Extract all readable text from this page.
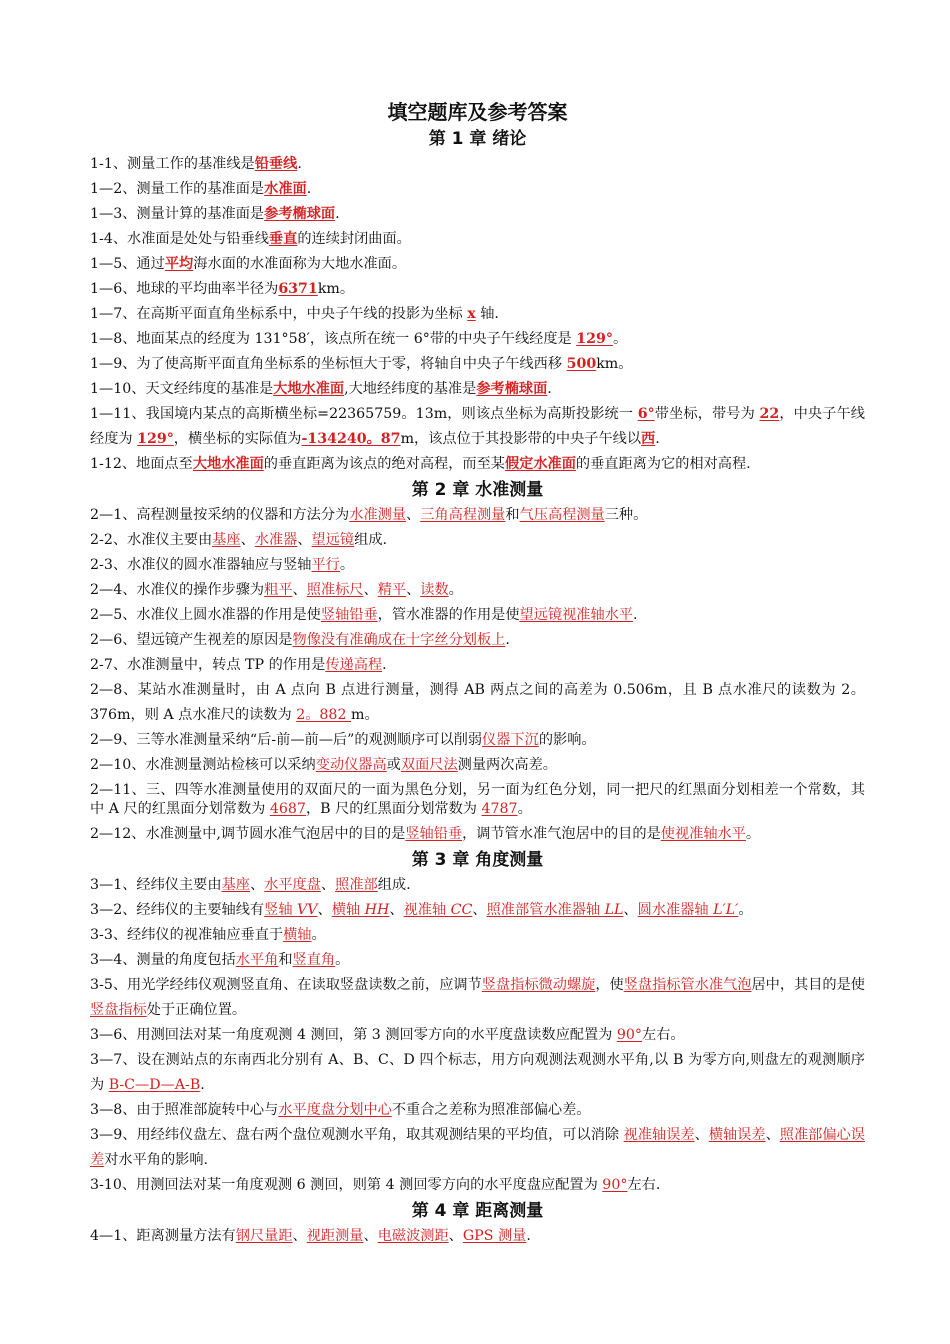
填空题库及参考答案
第 1 章 绪论
1-1、测量工作的基准线是铅垂线.
1—2、测量工作的基准面是水准面.
1—3、测量计算的基准面是参考椭球面.
1-4、水准面是处处与铅垂线垂直的连续封闭曲面。
1—5、通过平均海水面的水准面称为大地水准面。
1—6、地球的平均曲率半径为6371km。
1—7、在高斯平面直角坐标系中，中央子午线的投影为坐标 x 轴.
1—8、地面某点的经度为 131°58′，该点所在统一 6°带的中央子午线经度是 129°。
1—9、为了使高斯平面直角坐标系的坐标恒大于零，将轴自中央子午线西移 500km。
1—10、天文经纬度的基准是大地水准面,大地经纬度的基准是参考椭球面.
1—11、我国境内某点的高斯横坐标=22365759。13m，则该点坐标为高斯投影统一 6°带坐标，带号为 22，中央子午线经度为 129°，横坐标的实际值为-134240。87m，该点位于其投影带的中央子午线以西.
1-12、地面点至大地水准面的垂直距离为该点的绝对高程，而至某假定水准面的垂直距离为它的相对高程.
第 2 章 水准测量
2—1、高程测量按采纳的仪器和方法分为水准测量、三角高程测量和气压高程测量三种。
2-2、水准仪主要由基座、水准器、望远镜组成.
2-3、水准仪的圆水准器轴应与竖轴平行。
2—4、水准仪的操作步骤为粗平、照准标尺、精平、读数。
2—5、水准仪上圆水准器的作用是使竖轴铅垂，管水准器的作用是使望远镜视准轴水平.
2—6、望远镜产生视差的原因是物像没有准确成在十字丝分划板上.
2-7、水准测量中，转点 TP 的作用是传递高程.
2—8、某站水准测量时，由 A 点向 B 点进行测量，测得 AB 两点之间的高差为 0.506m，且 B 点水准尺的读数为 2。376m，则 A 点水准尺的读数为 2。882 m。
2—9、三等水准测量采纳“后-前—前—后”的观测顺序可以削弱仪器下沉的影响。
2—10、水准测量测站检核可以采纳变动仪器高或双面尺法测量两次高差。
2—11、三、四等水准测量使用的双面尺的一面为黑色分划，另一面为红色分划，同一把尺的红黑面分划相差一个常数，其中 A 尺的红黑面分划常数为 4687，B 尺的红黑面分划常数为 4787。
2—12、水准测量中,调节圆水准气泡居中的目的是竖轴铅垂，调节管水准气泡居中的目的是使视准轴水平。
第 3 章 角度测量
3—1、经纬仪主要由基座、水平度盘、照准部组成.
3—2、经纬仪的主要轴线有竖轴 VV、横轴 HH、视准轴 CC、照准部管水准器轴 LL、圆水准器轴 L′L′。
3-3、经纬仪的视准轴应垂直于横轴。
3—4、测量的角度包括水平角和竖直角。
3-5、用光学经纬仪观测竖直角、在读取竖盘读数之前，应调节竖盘指标微动螺旋，使竖盘指标管水准气泡居中，其目的是使竖盘指标处于正确位置。
3—6、用测回法对某一角度观测 4 测回，第 3 测回零方向的水平度盘读数应配置为 90°左右。
3—7、设在测站点的东南西北分别有 A、B、C、D 四个标志，用方向观测法观测水平角,以 B 为零方向,则盘左的观测顺序为 B-C—D—A-B.
3—8、由于照准部旋转中心与水平度盘分划中心不重合之差称为照准部偏心差。
3—9、用经纬仪盘左、盘右两个盘位观测水平角，取其观测结果的平均值，可以消除 视准轴误差、横轴误差、照准部偏心误差对水平角的影响.
3-10、用测回法对某一角度观测 6 测回，则第 4 测回零方向的水平度盘应配置为 90°左右.
第 4 章 距离测量
4—1、距离测量方法有钢尺量距、视距测量、电磁波测距、GPS 测量.
